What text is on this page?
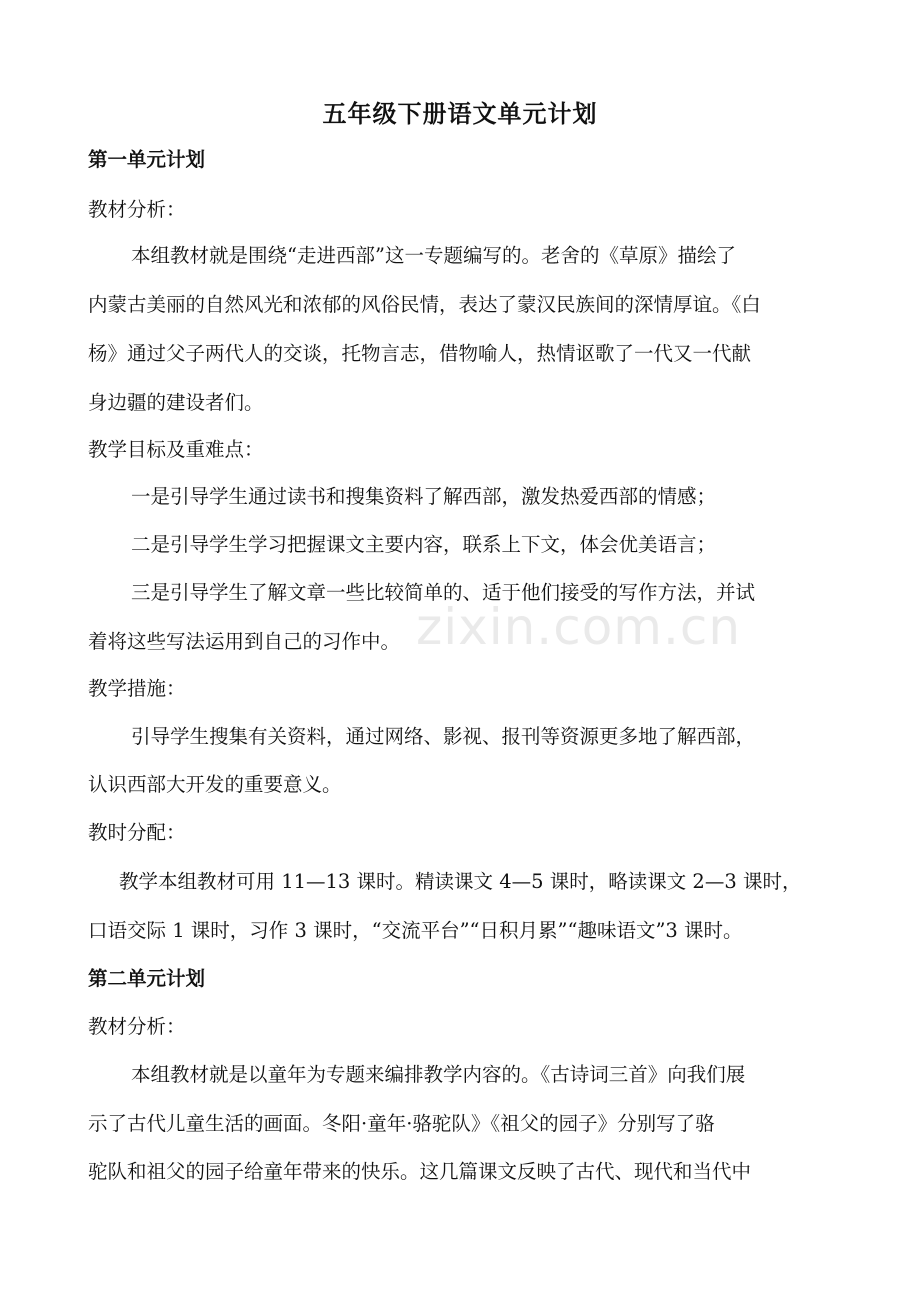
五年级下册语文单元计划
第一单元计划
教材分析：
本组教材就是围绕“走进西部”这一专题编写的。老舍的《草原》描绘了
内蒙古美丽的自然风光和浓郁的风俗民情，表达了蒙汉民族间的深情厚谊。《白
杨》通过父子两代人的交谈，托物言志，借物喻人，热情讴歌了一代又一代献
身边疆的建设者们。
教学目标及重难点：
一是引导学生通过读书和搜集资料了解西部，激发热爱西部的情感；
二是引导学生学习把握课文主要内容，联系上下文，体会优美语言；
三是引导学生了解文章一些比较简单的、适于他们接受的写作方法，并试
着将这些写法运用到自己的习作中。
教学措施：
引导学生搜集有关资料，通过网络、影视、报刊等资源更多地了解西部，
认识西部大开发的重要意义。
教时分配：
教学本组教材可用 11—13 课时。精读课文 4—5 课时，略读课文 2—3 课时，
口语交际 1 课时，习作 3 课时，“交流平台”“日积月累”“趣味语文”3 课时。
第二单元计划
教材分析：
本组教材就是以童年为专题来编排教学内容的。《古诗词三首》向我们展
示了古代儿童生活的画面。冬阳·童年·骆驼队》《祖父的园子》分别写了骆
驼队和祖父的园子给童年带来的快乐。这几篇课文反映了古代、现代和当代中
zixin.com.cn
